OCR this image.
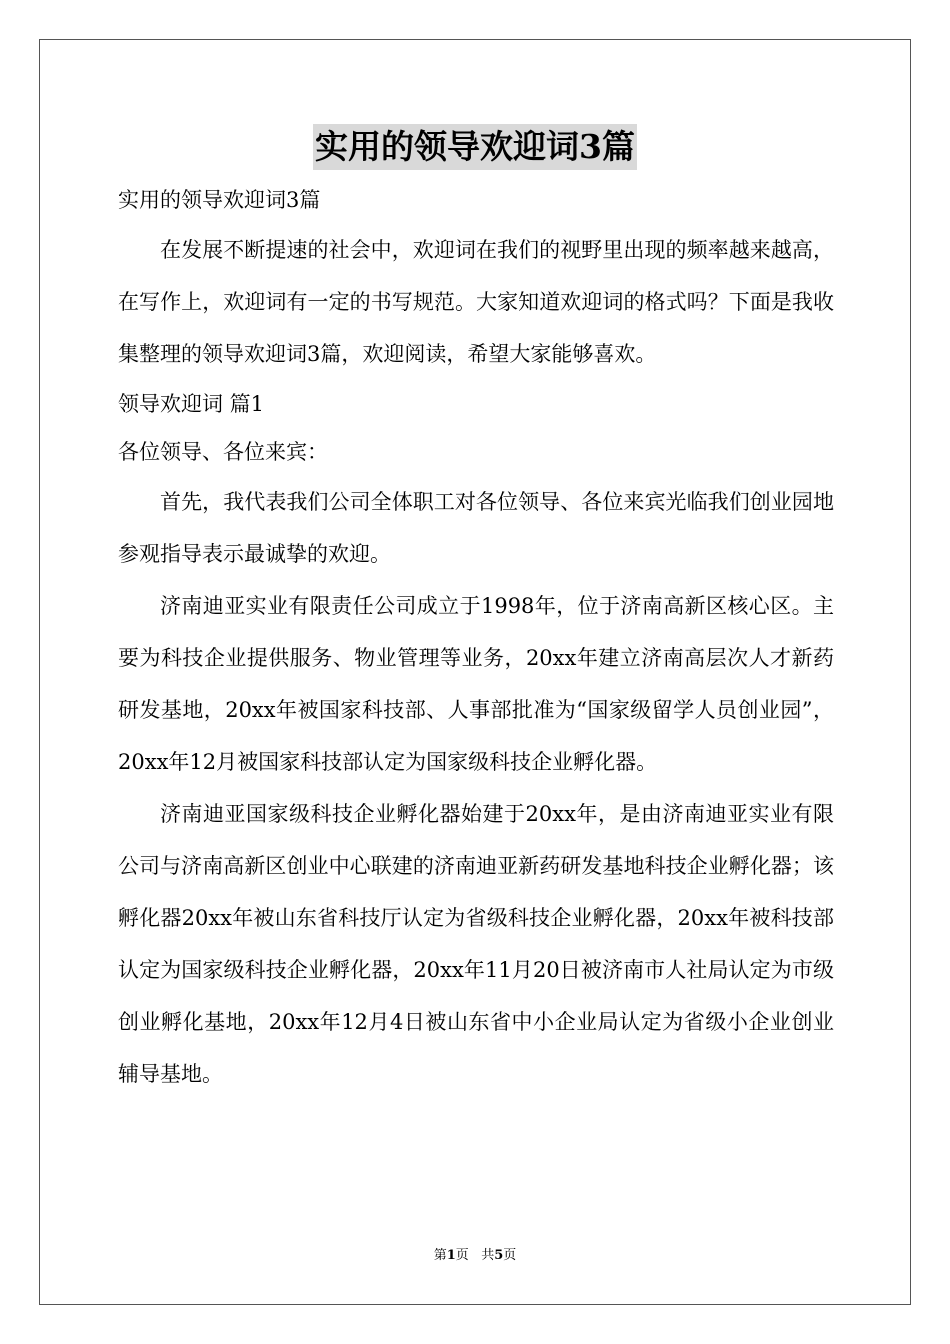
实用的领导欢迎词3篇
实用的领导欢迎词3篇

在发展不断提速的社会中，欢迎词在我们的视野里出现的频率越来越高，在写作上，欢迎词有一定的书写规范。大家知道欢迎词的格式吗？下面是我收集整理的领导欢迎词3篇，欢迎阅读，希望大家能够喜欢。

领导欢迎词 篇1
各位领导、各位来宾：

首先，我代表我们公司全体职工对各位领导、各位来宾光临我们创业园地参观指导表示最诚挚的欢迎。

济南迪亚实业有限责任公司成立于1998年，位于济南高新区核心区。主要为科技企业提供服务、物业管理等业务，20xx年建立济南高层次人才新药研发基地，20xx年被国家科技部、人事部批准为“国家级留学人员创业园”，20xx年12月被国家科技部认定为国家级科技企业孵化器。

济南迪亚国家级科技企业孵化器始建于20xx年，是由济南迪亚实业有限公司与济南高新区创业中心联建的济南迪亚新药研发基地科技企业孵化器；该孵化器20xx年被山东省科技厅认定为省级科技企业孵化器，20xx年被科技部认定为国家级科技企业孵化器，20xx年11月20日被济南市人社局认定为市级创业孵化基地，20xx年12月4日被山东省中小企业局认定为省级小企业创业辅导基地。

第1页 共5页
